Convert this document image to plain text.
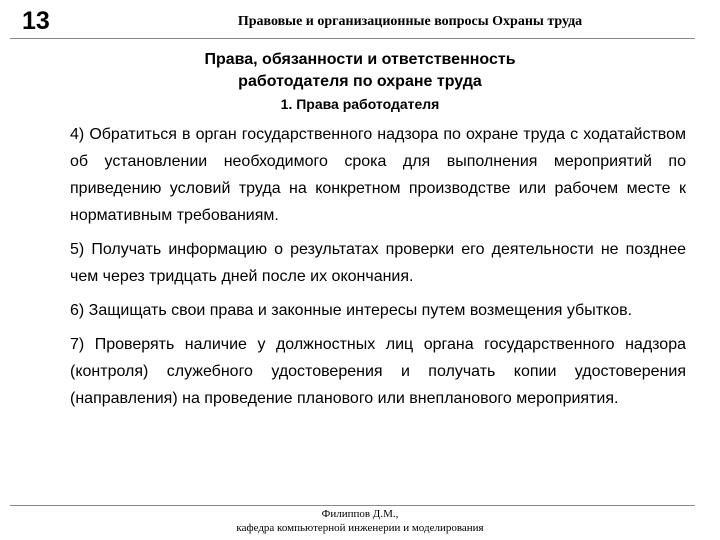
13	Правовые и организационные вопросы Охраны труда
Права, обязанности и ответственность
работодателя по охране труда
1. Права работодателя

4) Обратиться в орган государственного надзора по охране труда с ходатайством об установлении необходимого срока для выполнения мероприятий по приведению условий труда на конкретном производстве или рабочем месте к нормативным требованиям.

5) Получать информацию о результатах проверки его деятельности не позднее чем через тридцать дней после их окончания.

6) Защищать свои права и законные интересы путем возмещения убытков.

7) Проверять наличие у должностных лиц органа государственного надзора (контроля) служебного удостоверения и получать копии удостоверения (направления) на проведение планового или внепланового мероприятия.

Филиппов Д.М.,
кафедра компьютерной инженерии и моделирования
